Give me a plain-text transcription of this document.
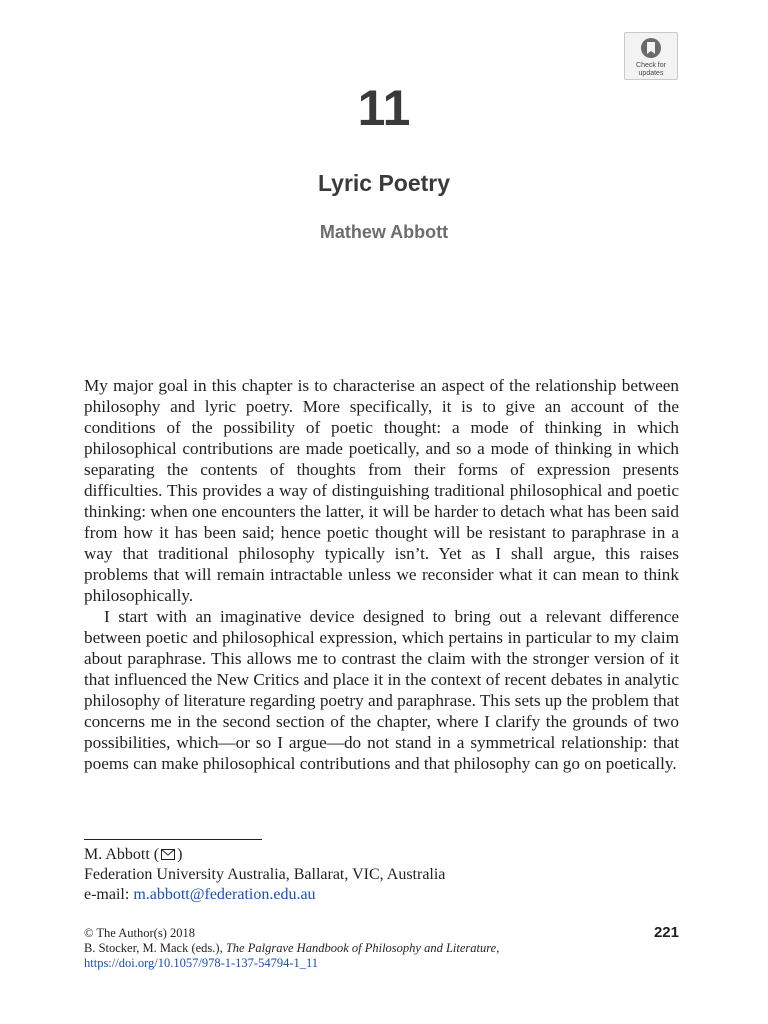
Check for
updates
11
Lyric Poetry
Mathew Abbott

My major goal in this chapter is to characterise an aspect of the relationship between philosophy and lyric poetry. More specifically, it is to give an account of the conditions of the possibility of poetic thought: a mode of thinking in which philosophical contributions are made poetically, and so a mode of thinking in which separating the contents of thoughts from their forms of expression presents difficulties. This provides a way of distinguishing traditional philosophical and poetic thinking: when one encounters the latter, it will be harder to detach what has been said from how it has been said; hence poetic thought will be resistant to paraphrase in a way that traditional philosophy typically isn’t. Yet as I shall argue, this raises problems that will remain intractable unless we reconsider what it can mean to think philosophically.

I start with an imaginative device designed to bring out a relevant difference between poetic and philosophical expression, which pertains in particular to my claim about paraphrase. This allows me to contrast the claim with the stronger version of it that influenced the New Critics and place it in the context of recent debates in analytic philosophy of literature regarding poetry and paraphrase. This sets up the problem that concerns me in the second section of the chapter, where I clarify the grounds of two possibilities, which—or so I argue—do not stand in a symmetrical relationship: that poems can make philosophical contributions and that philosophy can go on poetically.

M. Abbott ( )
Federation University Australia, Ballarat, VIC, Australia
e-mail: m.abbott@federation.edu.au
© The Author(s) 2018
B. Stocker, M. Mack (eds.), The Palgrave Handbook of Philosophy and Literature,
https://doi.org/10.1057/978-1-137-54794-1_11
221
